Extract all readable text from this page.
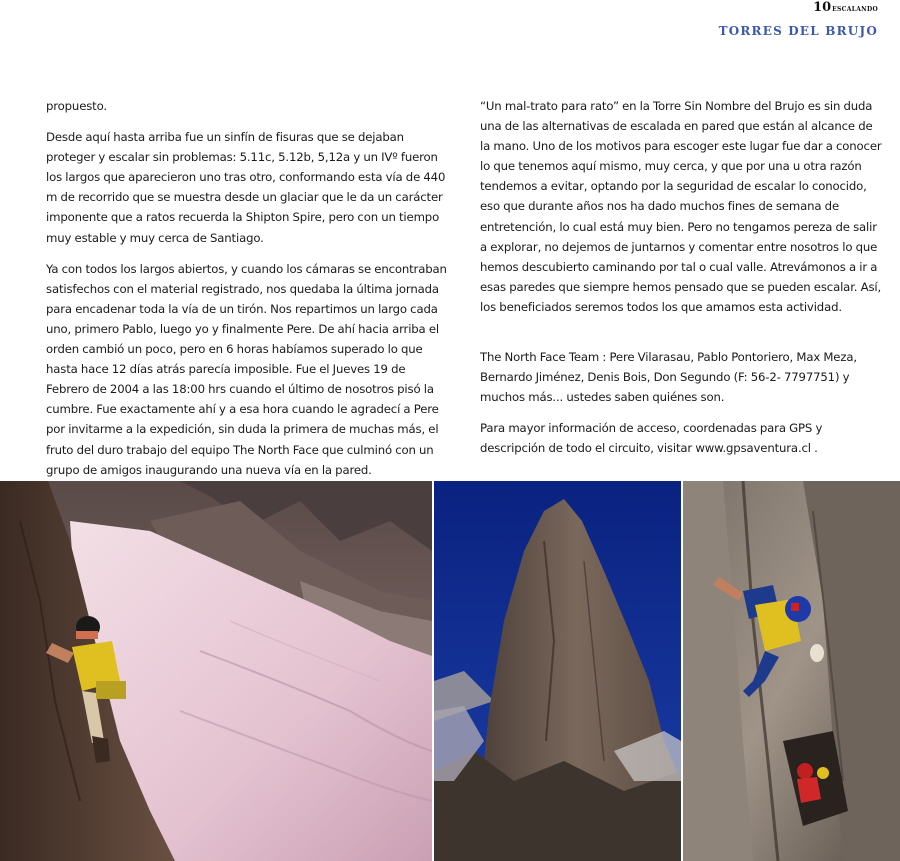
10 ESCALANDO
TORRES DEL BRUJO

propuesto.

Desde aquí hasta arriba fue un sinfín de fisuras que se dejaban proteger y escalar sin problemas: 5.11c, 5.12b, 5,12a y un IVº fueron los largos que aparecieron uno tras otro, conformando esta vía de 440 m de recorrido que se muestra desde un glaciar que le da un carácter imponente que a ratos recuerda la Shipton Spire, pero con un tiempo muy estable y muy cerca de Santiago.

Ya con todos los largos abiertos, y cuando los cámaras se encontraban satisfechos con el material registrado, nos quedaba la última jornada para encadenar toda la vía de un tirón. Nos repartimos un largo cada uno, primero Pablo, luego yo y finalmente Pere. De ahí hacia arriba el orden cambió un poco, pero en 6 horas habíamos superado lo que hasta hace 12 días atrás parecía imposible. Fue el Jueves 19 de Febrero de 2004 a las 18:00 hrs cuando el último de nosotros pisó la cumbre. Fue exactamente ahí y a esa hora cuando le agradecí a Pere por invitarme a la expedición, sin duda la primera de muchas más, el fruto del duro trabajo del equipo The North Face que culminó con un grupo de amigos inaugurando una nueva vía en la pared.

“Un mal-trato para rato” en la Torre Sin Nombre del Brujo es sin duda una de las alternativas de escalada en pared que están al alcance de la mano. Uno de los motivos para escoger este lugar fue dar a conocer lo que tenemos aquí mismo, muy cerca, y que por una u otra razón tendemos a evitar, optando por la seguridad de escalar lo conocido, eso que durante años nos ha dado muchos fines de semana de entretención, lo cual está muy bien. Pero no tengamos pereza de salir a explorar, no dejemos de juntarnos y comentar entre nosotros lo que hemos descubierto caminando por tal o cual valle. Atrevámonos a ir a esas paredes que siempre hemos pensado que se pueden escalar. Así, los beneficiados seremos todos los que amamos esta actividad.

The North Face Team : Pere Vilarasau, Pablo Pontoriero, Max Meza, Bernardo Jiménez, Denis Bois, Don Segundo (F: 56-2- 7797751) y muchos más... ustedes saben quiénes son.

Para mayor información de acceso, coordenadas para GPS y descripción de todo el circuito, visitar www.gpsaventura.cl .
